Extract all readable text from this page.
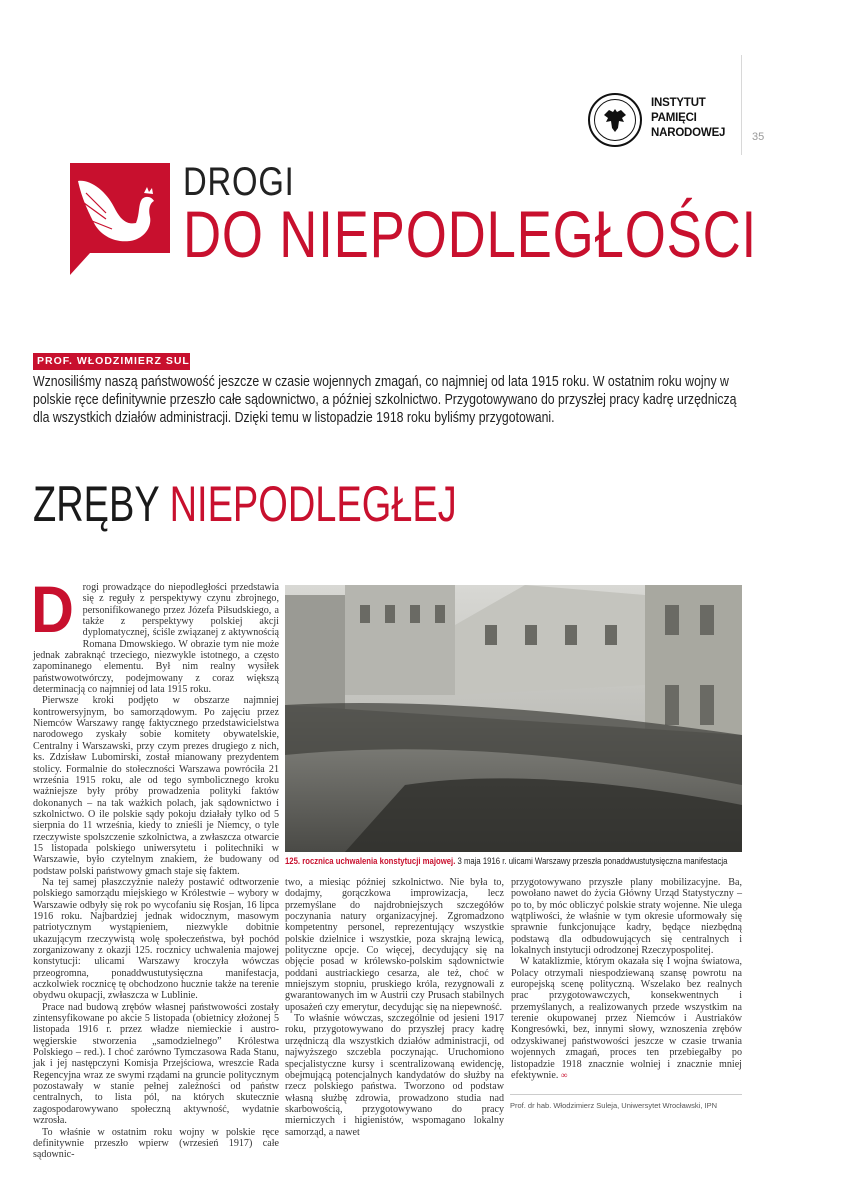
INSTYTUT
PAMIĘCI
NARODOWEJ 35
DROGI
DO NIEPODLEGŁOŚCI
PROF. WŁODZIMIERZ SULEJA
Wznosiliśmy naszą państwowość jeszcze w czasie wojennych zmagań, co najmniej od lata 1915 roku. W ostatnim roku wojny w polskie ręce definitywnie przeszło całe sądownictwo, a później szkolnictwo. Przygotowywano do przyszłej pracy kadrę urzędniczą dla wszystkich działów administracji. Dzięki temu w listopadzie 1918 roku byliśmy przygotowani.
ZRĘBY NIEPODLEGŁEJ

Drogi prowadzące do niepodległości przedstawia się z reguły z perspektywy czynu zbrojnego, personifikowanego przez Józefa Piłsudskiego, a także z perspektywy polskiej akcji dyplomatycznej, ściśle związanej z aktywnością Romana Dmowskiego. W obrazie tym nie może jednak zabraknąć trzeciego, niezwykle istotnego, a często zapominanego elementu. Był nim realny wysiłek państwowotwórczy, podejmowany z coraz większą determinacją co najmniej od lata 1915 roku.

Pierwsze kroki podjęto w obszarze najmniej kontrowersyjnym, bo samorządowym. Po zajęciu przez Niemców Warszawy rangę faktycznego przedstawicielstwa narodowego zyskały sobie komitety obywatelskie, Centralny i Warszawski, przy czym prezes drugiego z nich, ks. Zdzisław Lubomirski, został mianowany prezydentem stolicy. Formalnie do stołeczności Warszawa powróciła 21 września 1915 roku, ale od tego symbolicznego kroku ważniejsze były próby prowadzenia polityki faktów dokonanych – na tak ważkich polach, jak sądownictwo i szkolnictwo. O ile polskie sądy pokoju działały tylko od 5 sierpnia do 11 września, kiedy to znieśli je Niemcy, o tyle rzeczywiste spolszczenie szkolnictwa, a zwłaszcza otwarcie 15 listopada polskiego uniwersytetu i politechniki w Warszawie, było czytelnym znakiem, że budowany od podstaw polski państwowy gmach staje się faktem.

Na tej samej płaszczyźnie należy postawić odtworzenie polskiego samorządu miejskiego w Królestwie – wybory w Warszawie odbyły się rok po wycofaniu się Rosjan, 16 lipca 1916 roku. Najbardziej jednak widocznym, masowym patriotycznym wystąpieniem, niezwykle dobitnie ukazującym rzeczywistą wolę społeczeństwa, był pochód zorganizowany z okazji 125. rocznicy uchwalenia majowej konstytucji: ulicami Warszawy kroczyła wówczas przeogromna, ponaddwustutysięczna manifestacja, aczkolwiek rocznicę tę obchodzono hucznie także na terenie obydwu okupacji, zwłaszcza w Lublinie.

Prace nad budową zrębów własnej państwowości zostały zintensyfikowane po akcie 5 listopada (obietnicy złożonej 5 listopada 1916 r. przez władze niemieckie i austro-węgierskie stworzenia „samodzielnego” Królestwa Polskiego – red.). I choć zarówno Tymczasowa Rada Stanu, jak i jej następczyni Komisja Przejściowa, wreszcie Rada Regencyjna wraz ze swymi rządami na gruncie politycznym pozostawały w stanie pełnej zależności od państw centralnych, to lista pól, na których skutecznie zagospodarowywano społeczną aktywność, wydatnie wzrosła.

To właśnie w ostatnim roku wojny w polskie ręce definitywnie przeszło wpierw (wrzesień 1917) całe sądownic-

125. rocznica uchwalenia konstytucji majowej. 3 maja 1916 r. ulicami Warszawy przeszła ponaddwustutysięczna manifestacja

two, a miesiąc później szkolnictwo. Nie była to, dodajmy, gorączkowa improwizacja, lecz przemyślane do najdrobniejszych szczegółów poczynania natury organizacyjnej. Zgromadzono kompetentny personel, reprezentujący wszystkie polskie dzielnice i wszystkie, poza skrajną lewicą, polityczne opcje. Co więcej, decydujący się na objęcie posad w królewsko-polskim sądownictwie poddani austriackiego cesarza, ale też, choć w mniejszym stopniu, pruskiego króla, rezygnowali z gwarantowanych im w Austrii czy Prusach stabilnych uposażeń czy emerytur, decydując się na niepewność.

To właśnie wówczas, szczególnie od jesieni 1917 roku, przygotowywano do przyszłej pracy kadrę urzędniczą dla wszystkich działów administracji, od najwyższego szczebla poczynając. Uruchomiono specjalistyczne kursy i scentralizowaną ewidencję, obejmującą potencjalnych kandydatów do służby na rzecz polskiego państwa. Tworzono od podstaw własną służbę zdrowia, prowadzono studia nad skarbowością, przygotowywano do pracy mierniczych i higienistów, wspomagano lokalny samorząd, a nawet

przygotowywano przyszłe plany mobilizacyjne. Ba, powołano nawet do życia Główny Urząd Statystyczny – po to, by móc obliczyć polskie straty wojenne. Nie ulega wątpliwości, że właśnie w tym okresie uformowały się sprawnie funkcjonujące kadry, będące niezbędną podstawą dla odbudowujących się centralnych i lokalnych instytucji odrodzonej Rzeczypospolitej.

W kataklizmie, którym okazała się I wojna światowa, Polacy otrzymali niespodziewaną szansę powrotu na europejską scenę polityczną. Wszelako bez realnych prac przygotowawczych, konsekwentnych i przemyślanych, a realizowanych przede wszystkim na terenie okupowanej przez Niemców i Austriaków Kongresówki, bez, innymi słowy, wznoszenia zrębów odzyskiwanej państwowości jeszcze w czasie trwania wojennych zmagań, proces ten przebiegałby po listopadzie 1918 znacznie wolniej i znacznie mniej efektywnie. ∞

Prof. dr hab. Włodzimierz Suleja, Uniwersytet Wrocławski, IPN
